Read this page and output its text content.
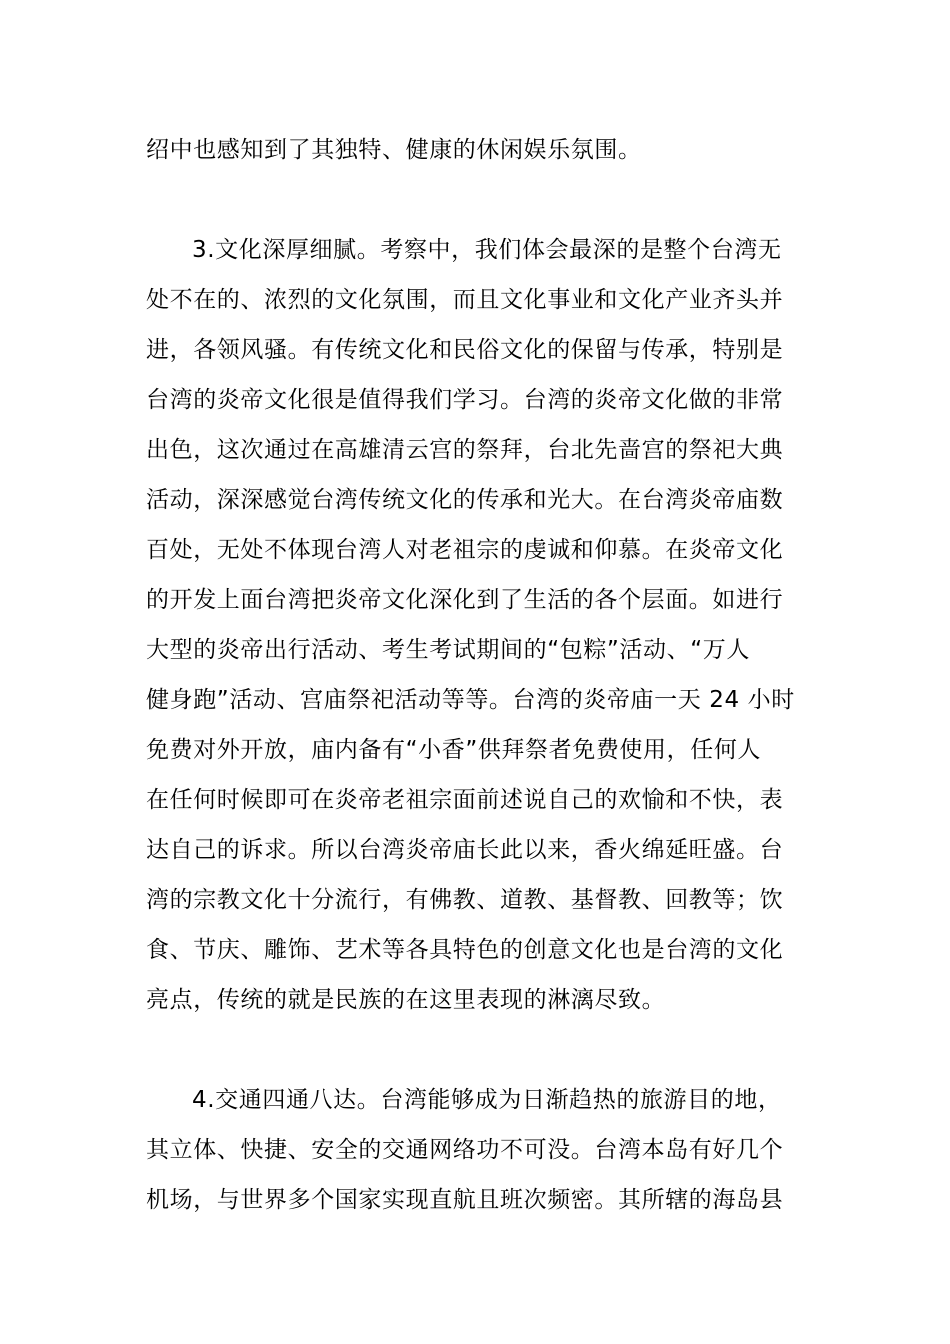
绍中也感知到了其独特、健康的休闲娱乐氛围。
3.文化深厚细腻。考察中，我们体会最深的是整个台湾无
处不在的、浓烈的文化氛围，而且文化事业和文化产业齐头并
进，各领风骚。有传统文化和民俗文化的保留与传承，特别是
台湾的炎帝文化很是值得我们学习。台湾的炎帝文化做的非常
出色，这次通过在高雄清云宫的祭拜，台北先啬宫的祭祀大典
活动，深深感觉台湾传统文化的传承和光大。在台湾炎帝庙数
百处，无处不体现台湾人对老祖宗的虔诚和仰慕。在炎帝文化
的开发上面台湾把炎帝文化深化到了生活的各个层面。如进行
大型的炎帝出行活动、考生考试期间的“包粽”活动、“万人
健身跑”活动、宫庙祭祀活动等等。台湾的炎帝庙一天 24 小时
免费对外开放，庙内备有“小香”供拜祭者免费使用，任何人
在任何时候即可在炎帝老祖宗面前述说自己的欢愉和不快，表
达自己的诉求。所以台湾炎帝庙长此以来，香火绵延旺盛。台
湾的宗教文化十分流行，有佛教、道教、基督教、回教等；饮
食、节庆、雕饰、艺术等各具特色的创意文化也是台湾的文化
亮点，传统的就是民族的在这里表现的淋漓尽致。
4.交通四通八达。台湾能够成为日渐趋热的旅游目的地，
其立体、快捷、安全的交通网络功不可没。台湾本岛有好几个
机场，与世界多个国家实现直航且班次频密。其所辖的海岛县
